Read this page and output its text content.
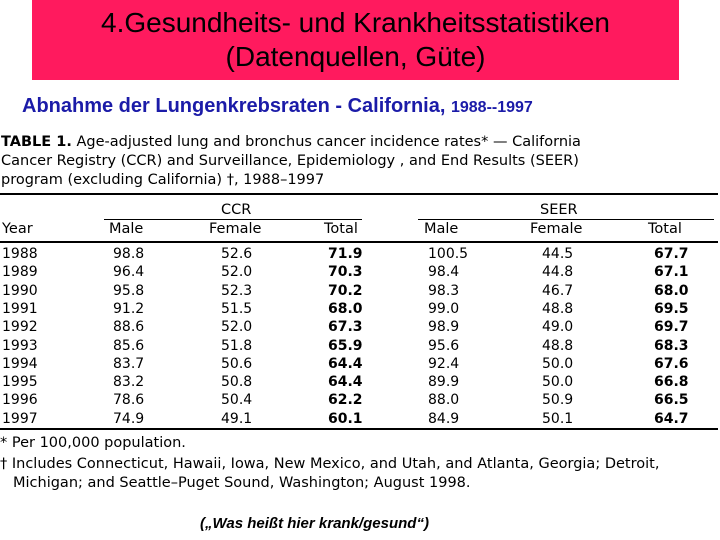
4.Gesundheits- und Krankheitsstatistiken
(Datenquellen, Güte)
Abnahme der Lungenkrebsraten - California, 1988--1997
TABLE 1. Age-adjusted lung and bronchus cancer incidence rates* — California
Cancer Registry (CCR) and Surveillance, Epidemiology , and End Results (SEER)
program (excluding California) †, 1988–1997
Year
CCR	SEER
Male	Female	Total	Male	Female	Total
1988	98.8	52.6	71.9	100.5	44.5	67.7
1989	96.4	52.0	70.3	98.4	44.8	67.1
1990	95.8	52.3	70.2	98.3	46.7	68.0
1991	91.2	51.5	68.0	99.0	48.8	69.5
1992	88.6	52.0	67.3	98.9	49.0	69.7
1993	85.6	51.8	65.9	95.6	48.8	68.3
1994	83.7	50.6	64.4	92.4	50.0	67.6
1995	83.2	50.8	64.4	89.9	50.0	66.8
1996	78.6	50.4	62.2	88.0	50.9	66.5
1997	74.9	49.1	60.1	84.9	50.1	64.7
* Per 100,000 population.
† Includes Connecticut, Hawaii, Iowa, New Mexico, and Utah, and Atlanta, Georgia; Detroit,
Michigan; and Seattle–Puget Sound, Washington; August 1998.
(„Was heißt hier krank/gesund“)
